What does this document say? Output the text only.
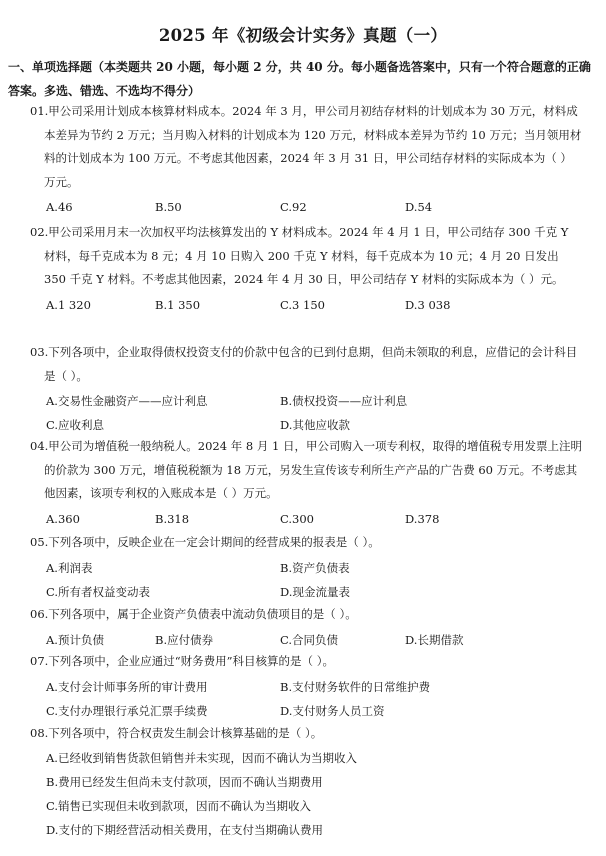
2025 年《初级会计实务》真题（一）
一、单项选择题（本类题共 20 小题，每小题 2 分，共 40 分。每小题备选答案中，只有一个符合题意的正确答案。多选、错选、不选均不得分）
01.甲公司采用计划成本核算材料成本。2024 年 3 月，甲公司月初结存材料的计划成本为 30 万元，材料成本差异为节约 2 万元；当月购入材料的计划成本为 120 万元，材料成本差异为节约 10 万元；当月领用材料的计划成本为 100 万元。不考虑其他因素，2024 年 3 月 31 日，甲公司结存材料的实际成本为（ ）万元。
A.46	B.50	C.92	D.54
02.甲公司采用月末一次加权平均法核算发出的 Y 材料成本。2024 年 4 月 1 日，甲公司结存 300 千克 Y 材料，每千克成本为 8 元；4 月 10 日购入 200 千克 Y 材料，每千克成本为 10 元；4 月 20 日发出 350 千克 Y 材料。不考虑其他因素，2024 年 4 月 30 日，甲公司结存 Y 材料的实际成本为（ ）元。
A.1 320	B.1 350	C.3 150	D.3 038
03.下列各项中，企业取得债权投资支付的价款中包含的已到付息期，但尚未领取的利息，应借记的会计科目是（ ）。
A.交易性金融资产——应计利息	B.债权投资——应计利息
C.应收利息	D.其他应收款
04.甲公司为增值税一般纳税人。2024 年 8 月 1 日，甲公司购入一项专利权，取得的增值税专用发票上注明的价款为 300 万元，增值税税额为 18 万元，另发生宣传该专利所生产产品的广告费 60 万元。不考虑其他因素，该项专利权的入账成本是（ ）万元。
A.360	B.318	C.300	D.378
05.下列各项中，反映企业在一定会计期间的经营成果的报表是（ ）。
A.利润表	B.资产负债表
C.所有者权益变动表	D.现金流量表
06.下列各项中，属于企业资产负债表中流动负债项目的是（ ）。
A.预计负债	B.应付债券	C.合同负债	D.长期借款
07.下列各项中，企业应通过“财务费用”科目核算的是（ ）。
A.支付会计师事务所的审计费用	B.支付财务软件的日常维护费
C.支付办理银行承兑汇票手续费	D.支付财务人员工资
08.下列各项中，符合权责发生制会计核算基础的是（ ）。
A.已经收到销售货款但销售并未实现，因而不确认为当期收入
B.费用已经发生但尚未支付款项，因而不确认当期费用
C.销售已实现但未收到款项，因而不确认为当期收入
D.支付的下期经营活动相关费用，在支付当期确认费用
